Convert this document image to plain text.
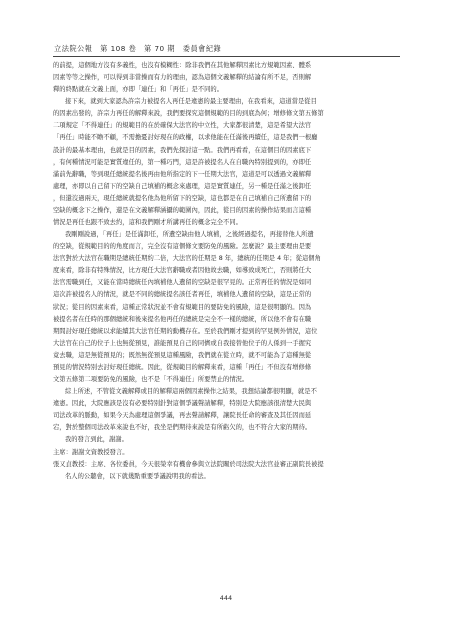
立法院公報　第 108 卷　第 70 期　委員會紀錄
的前提，這個地方沒有多義性，也沒有模糊性：除非我們在其他解釋因素比方規範因素、體系
因素等等之操作，可以得到非當操而有力的理由，認為這個文義解釋的結論有所不足，否則解
釋的終點就在文義上面，亦即「連任」和「再任」是不同的。
接下來，就到大家認為許宗力被提名人再任是違憲的最主要理由，在我看來，這道當是從目
的因素出發的，許宗力再任的解釋來說，我們要探究這個規範的目的到底為何；增修條文第五條第
二項規定「不得連任」的規範目的在於確保大法官的中立性，大家都很清楚，這是希望大法官
「再任」時能不瞻不顧，不需擔憂討好現在的政權，以求他能在任滿後再續任，這是我們一根廳
設計的最基本理由，也就是目的因素，我們先探討這一點。我們再看看，在這個目的因素底下
，有何種情況可能是實質違任的，第一種巧門，這是許被提名人在自職內特別提到的，亦即任
滿前先辭職，等到現任總統提名後再由他所指定的下一任期大法官，這道是可以透過文義解釋
處理，亦即以自己留下的空缺自己填補的概念來處理，這是實質連任，另一種是任滿之後卸任
，但還沒過兩天，現任總統就提名他為他所留下的空缺，這也都是在自己填補自己所遺留下的
空缺的概念下之操作，還是在文義解釋涵攝的範圍內，因此，從目的因素的操作結果而言這種
情況是再任也跟不致去約，這和我們剛才所講再任的概念完全不同。
我剛剛說過，「再任」是任滿卸任，所遺空缺由他人填補，之後經過提名，再接替他人所遺
的空缺，從規範目的的角度而言，完全沒有這個條文要防免的風險。怎麼說？最主要理由是要
法官對於大法官在職期是總統任期約二倍，大法官的任期是 8 年，總統的任期是 4 年；從這個角
度來看，除非有特殊情況，比方現任大法官辭職或者因他故去職，如導致成死亡，否則將任大
法官需職到任，又能在當時總統任內填補他人遺留的空缺是很罕見的。正常再任的情況是如同
這次許被提名人的情況，就是不同的總統提名該任者再任，填補他人遺留的空缺，這是正常的
狀況；從目的因素來看，這種正常狀況並不會有規範目的要防免的風險，這是很明顯的。因為
被提名者在任時的那個總統和後來提名他再任的總統是完全不一樣的總統，所以他不會有在職
期間討好現任總統以求能續其大法官任期的動機存在。至於我們剛才提到的罕見例外情況，這位
大法官在自己的位子上也無從預見，誰能預見自己的同儕或自我接替他位子的人係到一手握究
竟去職，這是無從預見的；既然無從預見這種風險，我們就在從立時，就不可能為了這種無從
預見的情況特別去討好現任總統。因此，從規範目的解釋來看，這種「再任」不但沒有增修條
文第五條第二項要防免的風險，也不是「不得連任」所要禁止的情況。
綜上所述，不管從文義解釋或目的解釋這兩個因素操作之結果，我想結論都很明顯，就是不
違憲。因此，大院應該是沒有必要特別針對這個爭議聲請解釋，特別是大院應該很清楚大民與
司法改革的脈動，如果今天為處理這個爭議，再去聲請解釋，讓院長任命的審查及其任因而延
宕，對於整個司法改革來說也不好，我坐是們期待來說是有所虧欠的，也不符合大家的期待。
我的發言到此，謝謝。
主席：謝謝文資教授發言。
張又貞教授：主席、各位委員，今天很榮幸有機會參與立法院關於司法院大法官並審正副院長被提
名人的公聽會，以下就幾點重要爭議說明我的看法。
444
